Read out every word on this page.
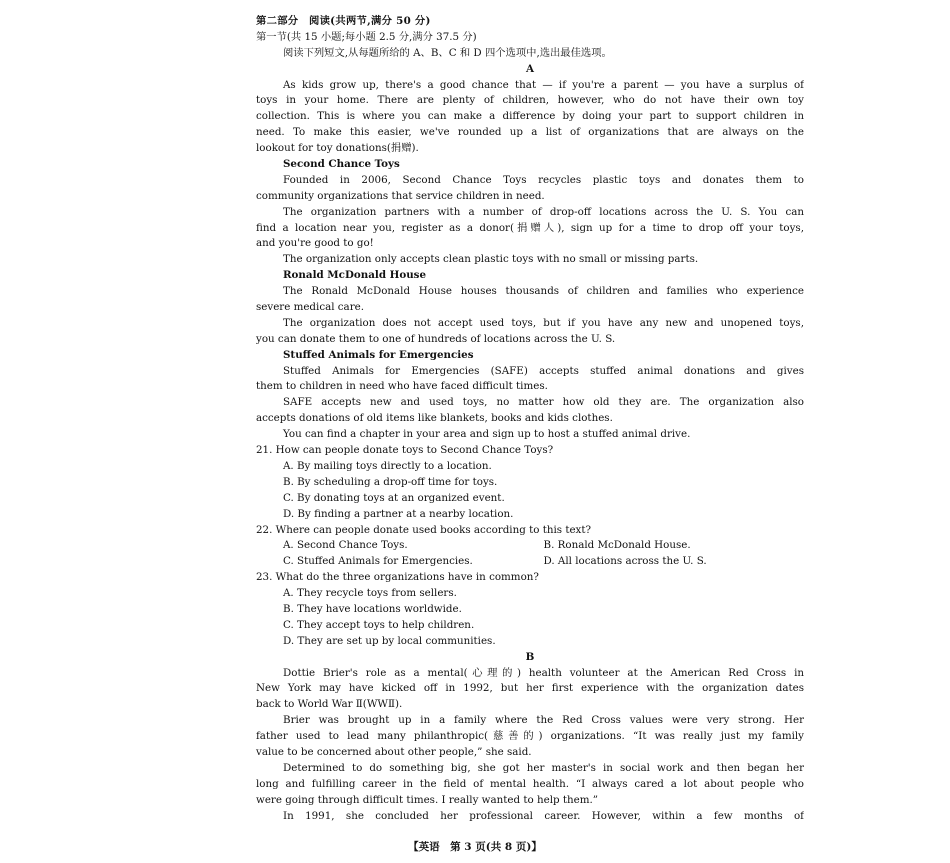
第二部分　阅读(共两节,满分 50 分)
第一节(共 15 小题;每小题 2.5 分,满分 37.5 分)
阅读下列短文,从每题所给的 A、B、C 和 D 四个选项中,选出最佳选项。
A
As kids grow up, there's a good chance that — if you're a parent — you have a surplus of
toys in your home. There are plenty of children, however, who do not have their own toy
collection. This is where you can make a difference by doing your part to support children in
need. To make this easier, we've rounded up a list of organizations that are always on the
lookout for toy donations(捐赠).
Second Chance Toys
Founded in 2006, Second Chance Toys recycles plastic toys and donates them to
community organizations that service children in need.
The organization partners with a number of drop-off locations across the U. S. You can
find a location near you, register as a donor(捐赠人), sign up for a time to drop off your toys,
and you're good to go!
The organization only accepts clean plastic toys with no small or missing parts.
Ronald McDonald House
The Ronald McDonald House houses thousands of children and families who experience
severe medical care.
The organization does not accept used toys, but if you have any new and unopened toys,
you can donate them to one of hundreds of locations across the U. S.
Stuffed Animals for Emergencies
Stuffed Animals for Emergencies (SAFE) accepts stuffed animal donations and gives
them to children in need who have faced difficult times.
SAFE accepts new and used toys, no matter how old they are. The organization also
accepts donations of old items like blankets, books and kids clothes.
You can find a chapter in your area and sign up to host a stuffed animal drive.
21. How can people donate toys to Second Chance Toys?
A. By mailing toys directly to a location.
B. By scheduling a drop-off time for toys.
C. By donating toys at an organized event.
D. By finding a partner at a nearby location.
22. Where can people donate used books according to this text?
A. Second Chance Toys.	B. Ronald McDonald House.
C. Stuffed Animals for Emergencies.	D. All locations across the U. S.
23. What do the three organizations have in common?
A. They recycle toys from sellers.
B. They have locations worldwide.
C. They accept toys to help children.
D. They are set up by local communities.
B
Dottie Brier's role as a mental(心理的) health volunteer at the American Red Cross in
New York may have kicked off in 1992, but her first experience with the organization dates
back to World War Ⅱ(WWⅡ).
Brier was brought up in a family where the Red Cross values were very strong. Her
father used to lead many philanthropic(慈善的) organizations. “It was really just my family
value to be concerned about other people,” she said.
Determined to do something big, she got her master's in social work and then began her
long and fulfilling career in the field of mental health. “I always cared a lot about people who
were going through difficult times. I really wanted to help them.”
In 1991, she concluded her professional career. However, within a few months of
【英语　第 3 页(共 8 页)】
